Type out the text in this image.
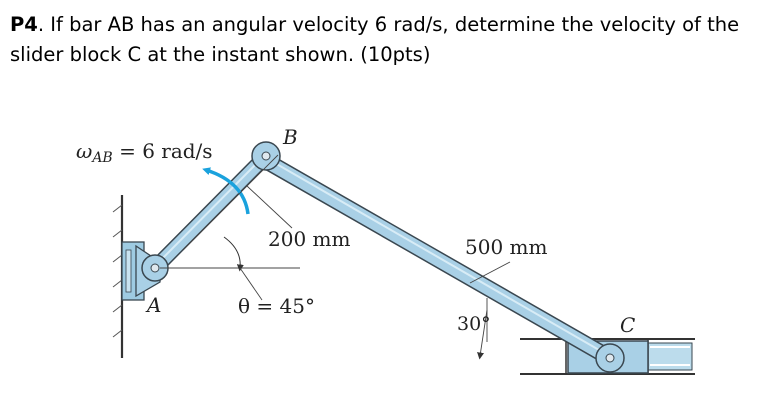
P4. If bar AB has an angular velocity 6 rad/s, determine the velocity of the slider block C at the instant shown. (10pts)

$\omega_{AB} = 6$ rad/s
B
A
C
200 mm	500 mm
θ = 45°
30°
